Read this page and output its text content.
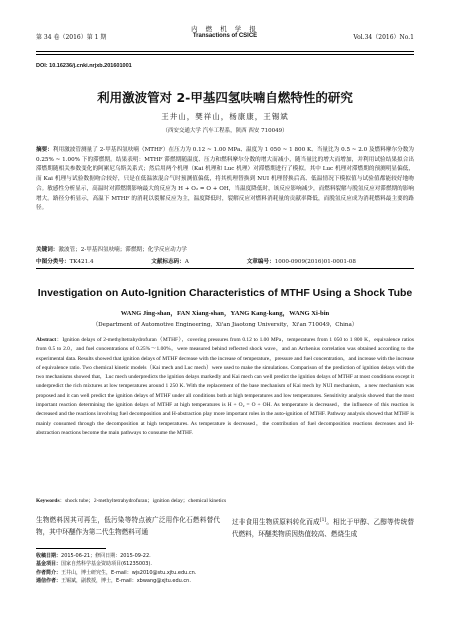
第 34 卷（2016）第 1 期
内 燃 机 学 报
Transactions of CSICE	Vol.34（2016）No.1
DOI: 10.16236/j.cnki.nrjxb.201601001
利用激波管对 2-甲基四氢呋喃自燃特性的研究
王井山，樊祥山，杨康康，王锡斌
（西安交通大学 汽车工程系，陕西 西安 710049）
摘要：利用激波管测量了 2-甲基四氢呋喃（MTHF）在压力为 0.12 ~ 1.00 MPa、温度为 1 050 ~ 1 800 K、当量比为 0.5 ~ 2.0 及燃料摩尔分数为 0.25% ~ 1.00% 下的滞燃期。结果表明：MTHF 滞燃期随温度、压力和燃料摩尔分数的增大而减小，随当量比的增大而增加，并利用试验结果拟合出滞燃期随相关参数变化的阿累尼乌斯关系式；然后用两个机理（Kai 机理和 Luc 机理）对滞燃期进行了模拟。其中 Luc 机理对滞燃期的预测明显偏低，而 Kai 机理与试验数据吻合较好，只是在低温浓混合气时预测值偏低，将其机理替换到 NUI 机理替换后高、低温情况下模拟值与试验值都能较好地吻合。敏感性分析显示，高温时对滞燃期影响最大的反应为 H + O₂ = O + OH，当温度降低时，该反应影响减少，而燃料裂解与脱氢反应对滞燃期的影响增大。路径分析显示，高温下 MTHF 的消耗以裂解反应为主，温度降低时，裂解反应对燃料消耗量的贡献率降低，而脱氢反应成为消耗燃料最主要的路径。
关键词：激波管；2-甲基四氢呋喃；滞燃期；化学反应动力学
中图分类号：TK421.4	文献标志码：A	文章编号：1000-0909(2016)01-0001-08
Investigation on Auto-Ignition Characteristics of MTHF Using a Shock Tube
WANG Jing-shan，FAN Xiang-shan，YANG Kang-kang，WANG Xi-bin
（Department of Automotive Engineering，Xi'an Jiaotong University，Xi'an 710049，China）
Abstract：Ignition delays of 2-methyltetrahydrofuran（MTHF），covering pressures from 0.12 to 1.00 MPa，temperatures from 1 050 to 1 800 K，equivalence ratios from 0.5 to 2.0，and fuel concentrations of 0.25%～1.00%，were measured behind reflected shock wave，and an Arrhenius correlation was obtained according to the experimental data. Results showed that ignition delays of MTHF decrease with the increase of temperature，pressure and fuel concentration，and increase with the increase of equivalence ratio. Two chemical kinetic models（Kai mech and Luc mech）were used to make the simulations. Comparison of the prediction of ignition delays with the two mechanisms showed that，Luc mech underpredicts the ignition delays markedly and Kai mech can well predict the ignition delays of MTHF at most conditions except it underpredict the rich mixtures at low temperatures around 1 250 K. With the replacement of the base mechanism of Kai mech by NUI mechanism，a new mechanism was proposed and it can well predict the ignition delays of MTHF under all conditions both at high temperatures and low temperatures. Sensitivity analysis showed that the most important reaction determining the ignition delays of MTHF at high temperatures is H + O₂ = O + OH. As temperature is decreased，the influence of this reaction is decreased and the reactions involving fuel decomposition and H-abstraction play more important roles in the auto-ignition of MTHF. Pathway analysis showed that MTHF is mainly consumed through the decomposition at high temperatures. As temperature is decreased，the contribution of fuel decomposition reactions decreases and H-abstraction reactions become the main pathways to consume the MTHF.
Keywords：shock tube；2-methyltetrahydrofuran；ignition delay；chemical kinetics

生物燃料因其可再生，低污染等特点被广泛用作化石燃料替代物，其中环醚作为第二代生物燃料可通

过非食用生物质原料转化而成[1]。相比于甲醇、乙醇等传统替代燃料，环醚类物质因热值较高、燃烧生成

收稿日期：2015-06-21；修回日期：2015-09-22.
基金项目：国家自然科学基金资助项目(61235003).
作者简介：王井山，博士研究生，E-mail：wjs2010@stu.xjtu.edu.cn.
通信作者：王锡斌，副教授，博士，E-mail：xbwang@xjtu.edu.cn.
